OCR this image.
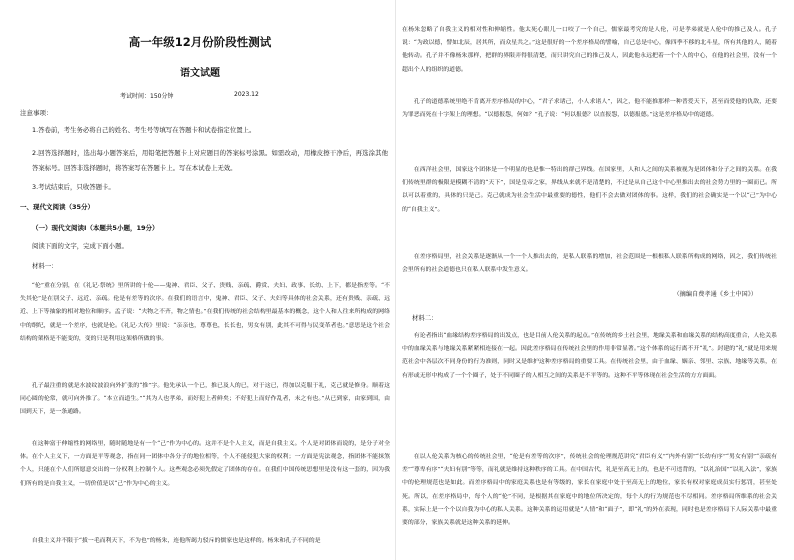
高一年级12月份阶段性测试
语文试题
考试时间：150分钟	2023.12
注意事项：
1.答卷前，考生务必将自己的姓名、考生号等填写在答题卡和试卷指定位置上。
2.回答选择题时，选出每小题答案后，用铅笔把答题卡上对应题目的答案标号涂黑。如需改动，用橡皮擦干净后，再选涂其他答案标号。回答非选择题时，将答案写在答题卡上。写在本试卷上无效。
3.考试结束后，只收答题卡。
一、现代文阅读（35分）
（一）现代文阅读Ⅰ（本题共5小题，19分）
阅读下面的文字，完成下面小题。
材料一：
“伦”重在分别，在《礼记·祭统》里所讲的十伦——鬼神、君臣、父子、贵贱、亲疏、爵赏、夫妇、政事、长幼、上下，都是指差等。“不失其伦”是在别父子、远近、亲疏。伦是有差等的次序。在我们的语言中，鬼神、君臣、父子、夫妇等具体的社会关系，还有贵贱、亲疏、远近、上下等抽象的相对地位和顺序。孟子说：“夫物之不齐，物之情也。”在我们传统的社会结构里最基本的概念，这个人和人往来所构成的网络中的纲纪，就是一个差序，也就是伦。《礼记·大传》里说：“亲亲也，尊尊也，长长也，男女有别，此其不可得与民变革者也。”意思是这个社会结构的架格是不能变的，变的只是利用这架格所做的事。
孔子最注重的就是水波纹波浪向外扩张的“推”字。他先承认一个已，推已及人的已，对于这已，得加以克服于礼，克己就是修身。顺着这同心圆的伦常，就可向外推了。“本立而道生。”“其为人也孝弟，而好犯上者鲜矣；不好犯上而好作乱者，未之有也。”从已到家，由家到国，由国到天下，是一条通路。
在这种富于伸缩性的网络里，随时随地是有一个“己”作为中心的。这并不是个人主义，而是自我主义。个人是对团体而说的，是分子对全体。在个人主义下，一方面是平等观念，指在同一团体中各分子的地位相等，个人不能侵犯大家的权利；一方面是宪法观念，指团体不能抹煞个人，只能在个人们所愿意交出的一分权利上控制个人。这些观念必须先假定了团体的存在。在我们中国传统思想里是没有这一套的，因为我们所有的是自我主义，一切价值是以“己”作为中心的主义。
自我主义并不限于“拔一毛而利天下，不为也”的杨朱，连他所竭力驳斥的儒家也是这样的。杨朱和孔子不同的是
在杨朱忽略了自我主义的相对性和伸缩性。他太死心眼儿一口咬了一个自己，儒家最考究的是人伦，可是孝弟就是人伦中的推己及人。孔子说：“为政以德，譬如北辰，居其所，而众星共之。”这是很好的一个差序格局的譬喻，自己总是中心，像四季不移的北斗星，所有其他的人，随着他转动。孔子并不像杨朱那样，把群的界限弄得很清楚，而只讲究自己的推己及人，因此他永远把着一个个人的中心，在他的社会里，没有一个超出个人的组织的道德。
孔子的道德系统里绝不肯离开差序格局的中心，“君子求诸己，小人求诸人”，因之，他不能推那样一种普爱天下，甚至而爱他的仇敌，还要为罪恶而死在十字架上的理想。“以德报怨，何如？”孔子说：“何以报德？以直报怨，以德报德。”这是差序格局中的道德。
在西洋社会里，国家这个团体是一个明显的也是惟一特出的群己界线。在国家里，人和人之间的关系被视为是团体和分子之间的关系。在我们传统里群的极限是模糊不清的“天下”，国是皇帝之家，界线从来就不是清楚的，不过是从自己这个中心里推出去的社会势力里的一圈而已。所以可以着重的，具体的只是己。克己就成为社会生活中最重要的德性，他们不会去做对团体的事。这样，我们的社会确实是一个以“己”为中心的“自我主义”。
在差序格局里，社会关系是逐渐从一个一个人推出去的，是私人联系的增加，社会范围是一根根私人联系所构成的网络，因之，我们传统社会里所有的社会道德也只在私人联系中发生意义。
（摘编自费孝通《乡土中国》）
材料二：
有论者指出“血缘结构差序格局的出发点，也是目前人伦关系的起点。”在传统的乡土社会里，地缘关系和血缘关系的结构高度重合，人伦关系中的血缘关系与地缘关系紧紧相连接在一起。因此差序格局在传统社会里的作用非常显著。”这个体系的运行离不开“礼”。封建的“礼”就是用来规范社会中各层次不同身份的行为准则，同时又是维护这种差序格局的重要工具。在传统社会里，由于血缘、姻亲、邻里、宗族、地缘等关系，在有形或无形中构成了一个个圈子，处于不同圈子的人相互之间的关系是不平等的。这种不平等体现在社会生活的方方面面。
在以人伦关系为核心的传统社会里，“伦是有差等的次序”，传统社会的伦理规范讲究“君臣有义”“内外有别”“长幼有序”“男女有别”“亲疏有差”“尊卑有序”“夫妇有别”等等，而礼就是维持这种秩序的工具。在中国古代，礼是至高无上的，也是不可违背的，“以礼治国”“以礼入法”，家族中的伦理规范也是如此。而差序格局中的家庭关系也是有等级的，家长在家庭中处于至高无上的地位，家长有权对家庭成员实行惩罚，甚至处死。所以，在差序格局中，每个人的“伦”不同，是根据其在家庭中的地位所决定的，每个人的行为规范也不尽相同。差序格局所维系的社会关系，实际上是一个个以自我为中心的私人关系。这种关系的运用就是“人情”和“面子”，即“礼”的外在表现，同时也是差序格局下人际关系中最重要的部分，家族关系就是这种关系的延伸。
